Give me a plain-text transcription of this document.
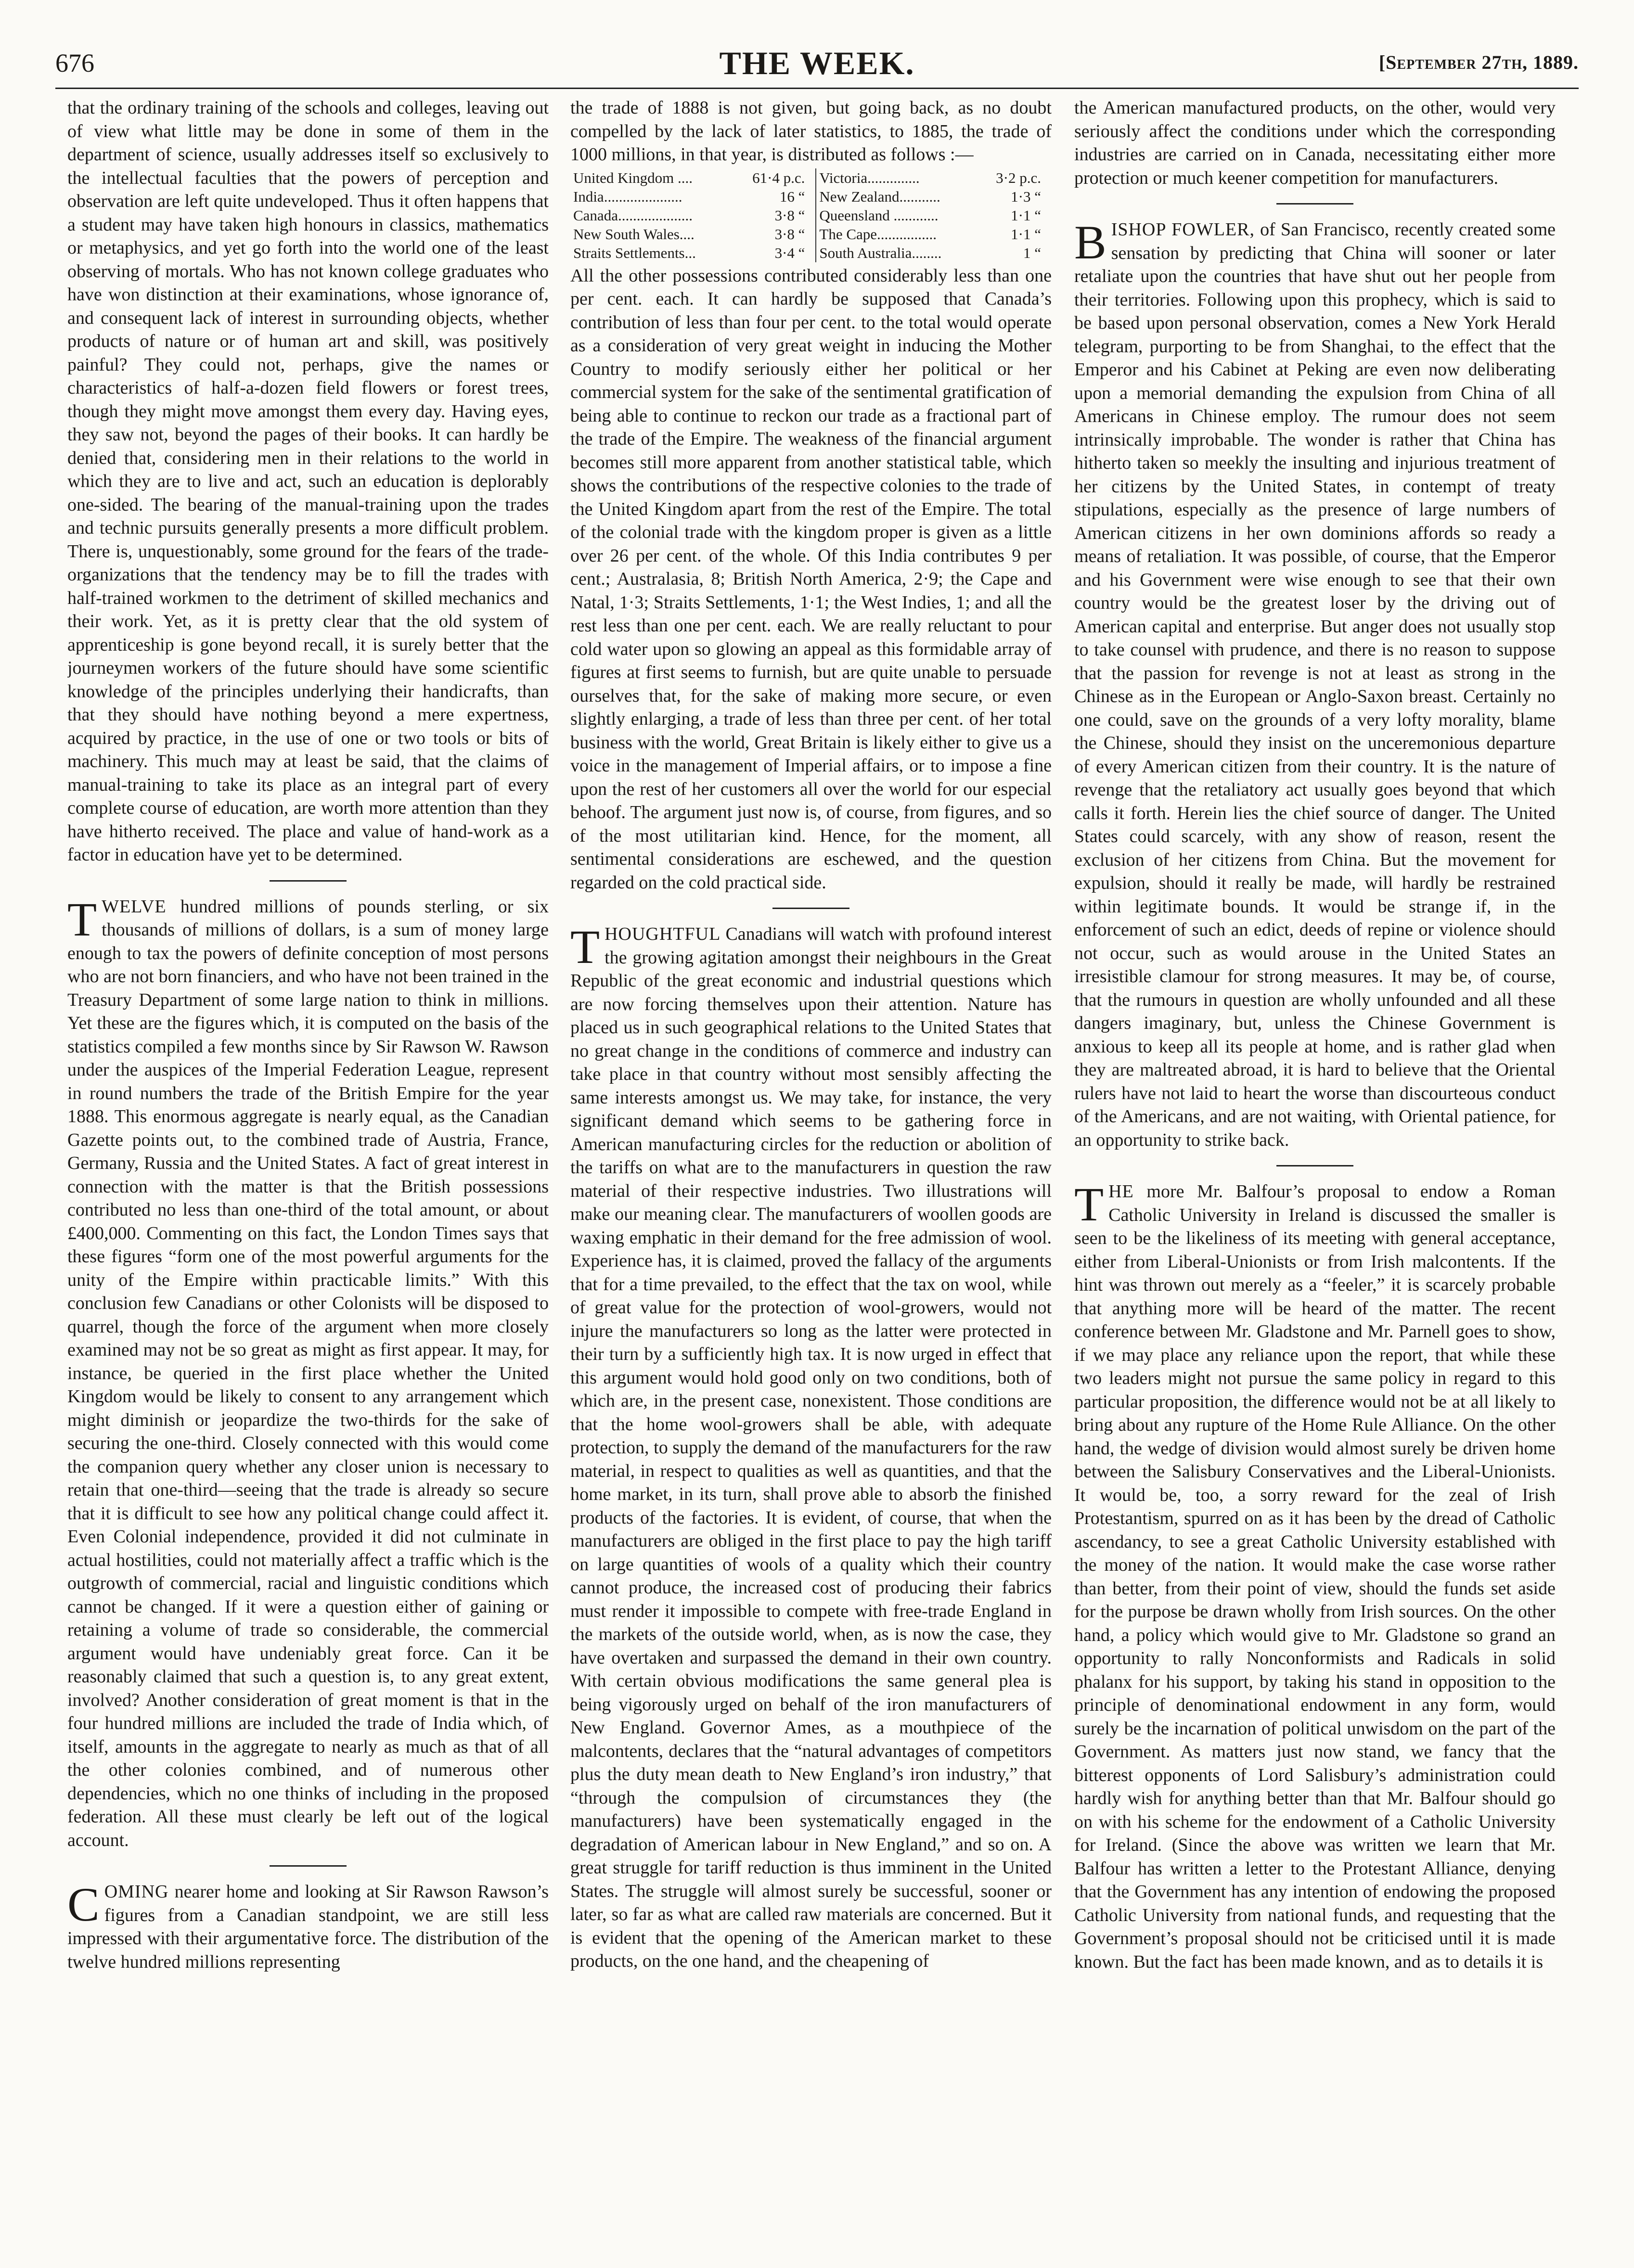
676	THE WEEK.	[September 27th, 1889.

that the ordinary training of the schools and colleges, leaving out of view what little may be done in some of them in the department of science, usually addresses itself so exclusively to the intellectual faculties that the powers of perception and observation are left quite undeveloped. Thus it often happens that a student may have taken high honours in classics, mathematics or metaphysics, and yet go forth into the world one of the least observing of mortals. Who has not known college graduates who have won distinction at their examinations, whose ignorance of, and consequent lack of interest in surrounding objects, whether products of nature or of human art and skill, was positively painful? They could not, perhaps, give the names or characteristics of half-a-dozen field flowers or forest trees, though they might move amongst them every day. Having eyes, they saw not, beyond the pages of their books. It can hardly be denied that, considering men in their relations to the world in which they are to live and act, such an education is deplorably one-sided. The bearing of the manual-training upon the trades and technic pursuits generally presents a more difficult problem. There is, unquestionably, some ground for the fears of the trade-organizations that the tendency may be to fill the trades with half-trained workmen to the detriment of skilled mechanics and their work. Yet, as it is pretty clear that the old system of apprenticeship is gone beyond recall, it is surely better that the journeymen workers of the future should have some scientific knowledge of the principles underlying their handicrafts, than that they should have nothing beyond a mere expertness, acquired by practice, in the use of one or two tools or bits of machinery. This much may at least be said, that the claims of manual-training to take its place as an integral part of every complete course of education, are worth more attention than they have hitherto received. The place and value of hand-work as a factor in education have yet to be determined.

TWELVE hundred millions of pounds sterling, or six thousands of millions of dollars, is a sum of money large enough to tax the powers of definite conception of most persons who are not born financiers, and who have not been trained in the Treasury Department of some large nation to think in millions. Yet these are the figures which, it is computed on the basis of the statistics compiled a few months since by Sir Rawson W. Rawson under the auspices of the Imperial Federation League, represent in round numbers the trade of the British Empire for the year 1888. This enormous aggregate is nearly equal, as the Canadian Gazette points out, to the combined trade of Austria, France, Germany, Russia and the United States. A fact of great interest in connection with the matter is that the British possessions contributed no less than one-third of the total amount, or about £400,000. Commenting on this fact, the London Times says that these figures “form one of the most powerful arguments for the unity of the Empire within practicable limits.” With this conclusion few Canadians or other Colonists will be disposed to quarrel, though the force of the argument when more closely examined may not be so great as might as first appear. It may, for instance, be queried in the first place whether the United Kingdom would be likely to consent to any arrangement which might diminish or jeopardize the two-thirds for the sake of securing the one-third. Closely connected with this would come the companion query whether any closer union is necessary to retain that one-third—seeing that the trade is already so secure that it is difficult to see how any political change could affect it. Even Colonial independence, provided it did not culminate in actual hostilities, could not materially affect a traffic which is the outgrowth of commercial, racial and linguistic conditions which cannot be changed. If it were a question either of gaining or retaining a volume of trade so considerable, the commercial argument would have undeniably great force. Can it be reasonably claimed that such a question is, to any great extent, involved? Another consideration of great moment is that in the four hundred millions are included the trade of India which, of itself, amounts in the aggregate to nearly as much as that of all the other colonies combined, and of numerous other dependencies, which no one thinks of including in the proposed federation. All these must clearly be left out of the logical account.

COMING nearer home and looking at Sir Rawson Rawson’s figures from a Canadian standpoint, we are still less impressed with their argumentative force. The distribution of the twelve hundred millions representing

the trade of 1888 is not given, but going back, as no doubt compelled by the lack of later statistics, to 1885, the trade of 1000 millions, in that year, is distributed as follows :—

United Kingdom ....	61·4 p.c.		Victoria..............	3·2 p.c.
India.....................	16 “		New Zealand...........	1·3 “
Canada....................	3·8 “		Queensland ............	1·1 “
New South Wales....	3·8 “		The Cape................	1·1 “
Straits Settlements...	3·4 “		South Australia........	1 “

All the other possessions contributed considerably less than one per cent. each. It can hardly be supposed that Canada’s contribution of less than four per cent. to the total would operate as a consideration of very great weight in inducing the Mother Country to modify seriously either her political or her commercial system for the sake of the sentimental gratification of being able to continue to reckon our trade as a fractional part of the trade of the Empire. The weakness of the financial argument becomes still more apparent from another statistical table, which shows the contributions of the respective colonies to the trade of the United Kingdom apart from the rest of the Empire. The total of the colonial trade with the kingdom proper is given as a little over 26 per cent. of the whole. Of this India contributes 9 per cent.; Australasia, 8; British North America, 2·9; the Cape and Natal, 1·3; Straits Settlements, 1·1; the West Indies, 1; and all the rest less than one per cent. each. We are really reluctant to pour cold water upon so glowing an appeal as this formidable array of figures at first seems to furnish, but are quite unable to persuade ourselves that, for the sake of making more secure, or even slightly enlarging, a trade of less than three per cent. of her total business with the world, Great Britain is likely either to give us a voice in the management of Imperial affairs, or to impose a fine upon the rest of her customers all over the world for our especial behoof. The argument just now is, of course, from figures, and so of the most utilitarian kind. Hence, for the moment, all sentimental considerations are eschewed, and the question regarded on the cold practical side.

THOUGHTFUL Canadians will watch with profound interest the growing agitation amongst their neighbours in the Great Republic of the great economic and industrial questions which are now forcing themselves upon their attention. Nature has placed us in such geographical relations to the United States that no great change in the conditions of commerce and industry can take place in that country without most sensibly affecting the same interests amongst us. We may take, for instance, the very significant demand which seems to be gathering force in American manufacturing circles for the reduction or abolition of the tariffs on what are to the manufacturers in question the raw material of their respective industries. Two illustrations will make our meaning clear. The manufacturers of woollen goods are waxing emphatic in their demand for the free admission of wool. Experience has, it is claimed, proved the fallacy of the arguments that for a time prevailed, to the effect that the tax on wool, while of great value for the protection of wool-growers, would not injure the manufacturers so long as the latter were protected in their turn by a sufficiently high tax. It is now urged in effect that this argument would hold good only on two conditions, both of which are, in the present case, nonexistent. Those conditions are that the home wool-growers shall be able, with adequate protection, to supply the demand of the manufacturers for the raw material, in respect to qualities as well as quantities, and that the home market, in its turn, shall prove able to absorb the finished products of the factories. It is evident, of course, that when the manufacturers are obliged in the first place to pay the high tariff on large quantities of wools of a quality which their country cannot produce, the increased cost of producing their fabrics must render it impossible to compete with free-trade England in the markets of the outside world, when, as is now the case, they have overtaken and surpassed the demand in their own country. With certain obvious modifications the same general plea is being vigorously urged on behalf of the iron manufacturers of New England. Governor Ames, as a mouthpiece of the malcontents, declares that the “natural advantages of competitors plus the duty mean death to New England’s iron industry,” that “through the compulsion of circumstances they (the manufacturers) have been systematically engaged in the degradation of American labour in New England,” and so on. A great struggle for tariff reduction is thus imminent in the United States. The struggle will almost surely be successful, sooner or later, so far as what are called raw materials are concerned. But it is evident that the opening of the American market to these products, on the one hand, and the cheapening of

the American manufactured products, on the other, would very seriously affect the conditions under which the corresponding industries are carried on in Canada, necessitating either more protection or much keener competition for manufacturers.

BISHOP FOWLER, of San Francisco, recently created some sensation by predicting that China will sooner or later retaliate upon the countries that have shut out her people from their territories. Following upon this prophecy, which is said to be based upon personal observation, comes a New York Herald telegram, purporting to be from Shanghai, to the effect that the Emperor and his Cabinet at Peking are even now deliberating upon a memorial demanding the expulsion from China of all Americans in Chinese employ. The rumour does not seem intrinsically improbable. The wonder is rather that China has hitherto taken so meekly the insulting and injurious treatment of her citizens by the United States, in contempt of treaty stipulations, especially as the presence of large numbers of American citizens in her own dominions affords so ready a means of retaliation. It was possible, of course, that the Emperor and his Government were wise enough to see that their own country would be the greatest loser by the driving out of American capital and enterprise. But anger does not usually stop to take counsel with prudence, and there is no reason to suppose that the passion for revenge is not at least as strong in the Chinese as in the European or Anglo-Saxon breast. Certainly no one could, save on the grounds of a very lofty morality, blame the Chinese, should they insist on the unceremonious departure of every American citizen from their country. It is the nature of revenge that the retaliatory act usually goes beyond that which calls it forth. Herein lies the chief source of danger. The United States could scarcely, with any show of reason, resent the exclusion of her citizens from China. But the movement for expulsion, should it really be made, will hardly be restrained within legitimate bounds. It would be strange if, in the enforcement of such an edict, deeds of repine or violence should not occur, such as would arouse in the United States an irresistible clamour for strong measures. It may be, of course, that the rumours in question are wholly unfounded and all these dangers imaginary, but, unless the Chinese Government is anxious to keep all its people at home, and is rather glad when they are maltreated abroad, it is hard to believe that the Oriental rulers have not laid to heart the worse than discourteous conduct of the Americans, and are not waiting, with Oriental patience, for an opportunity to strike back.

THE more Mr. Balfour’s proposal to endow a Roman Catholic University in Ireland is discussed the smaller is seen to be the likeliness of its meeting with general acceptance, either from Liberal-Unionists or from Irish malcontents. If the hint was thrown out merely as a “feeler,” it is scarcely probable that anything more will be heard of the matter. The recent conference between Mr. Gladstone and Mr. Parnell goes to show, if we may place any reliance upon the report, that while these two leaders might not pursue the same policy in regard to this particular proposition, the difference would not be at all likely to bring about any rupture of the Home Rule Alliance. On the other hand, the wedge of division would almost surely be driven home between the Salisbury Conservatives and the Liberal-Unionists. It would be, too, a sorry reward for the zeal of Irish Protestantism, spurred on as it has been by the dread of Catholic ascendancy, to see a great Catholic University established with the money of the nation. It would make the case worse rather than better, from their point of view, should the funds set aside for the purpose be drawn wholly from Irish sources. On the other hand, a policy which would give to Mr. Gladstone so grand an opportunity to rally Nonconformists and Radicals in solid phalanx for his support, by taking his stand in opposition to the principle of denominational endowment in any form, would surely be the incarnation of political unwisdom on the part of the Government. As matters just now stand, we fancy that the bitterest opponents of Lord Salisbury’s administration could hardly wish for anything better than that Mr. Balfour should go on with his scheme for the endowment of a Catholic University for Ireland. (Since the above was written we learn that Mr. Balfour has written a letter to the Protestant Alliance, denying that the Government has any intention of endowing the proposed Catholic University from national funds, and requesting that the Government’s proposal should not be criticised until it is made known. But the fact has been made known, and as to details it is
